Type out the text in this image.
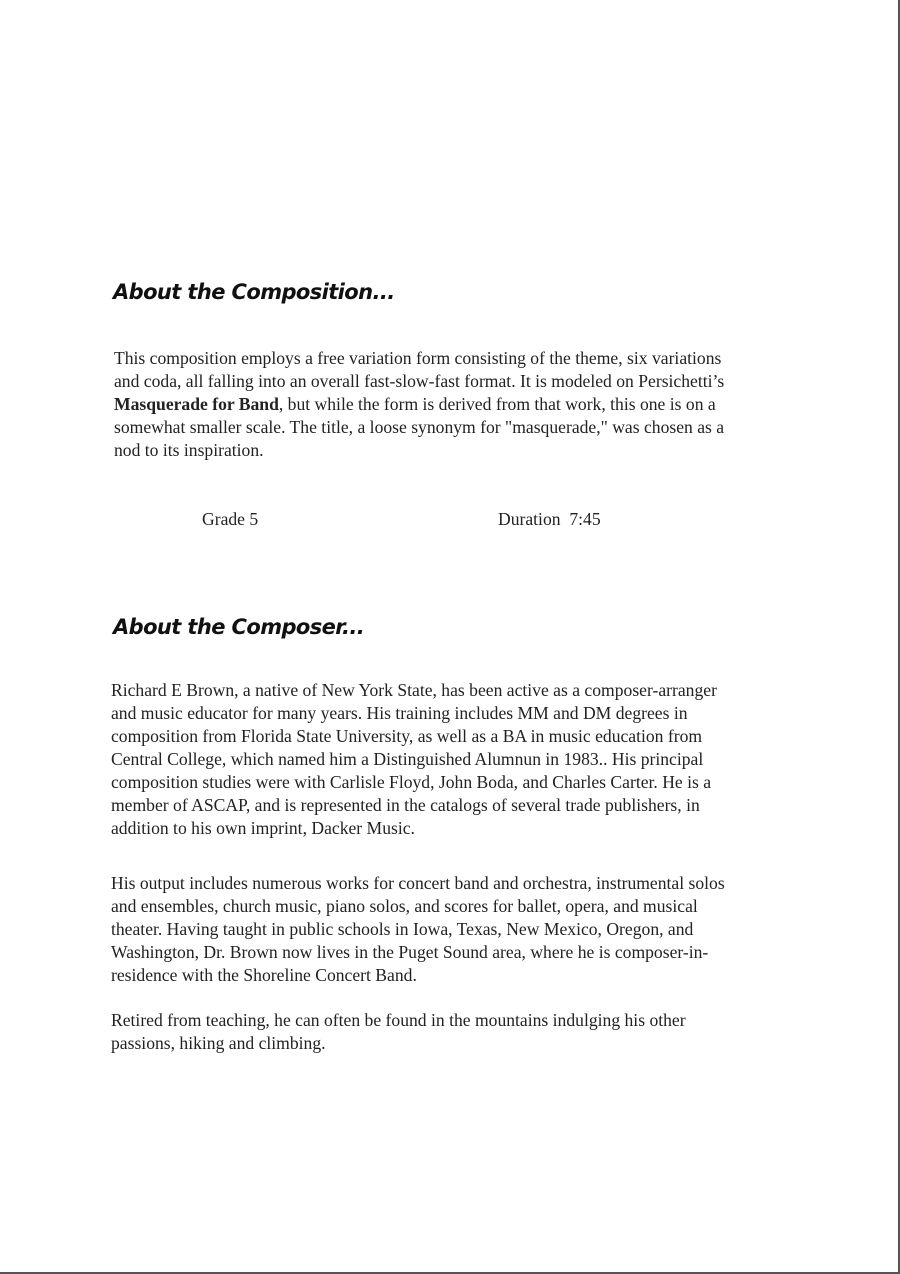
About the Composition...

This composition employs a free variation form consisting of the theme, six variations
and coda, all falling into an overall fast-slow-fast format. It is modeled on Persichetti’s
Masquerade for Band, but while the form is derived from that work, this one is on a
somewhat smaller scale. The title, a loose synonym for "masquerade," was chosen as a
nod to its inspiration.

Grade 5	Duration  7:45

About the Composer...

Richard E Brown, a native of New York State, has been active as a composer-arranger
and music educator for many years. His training includes MM and DM degrees in
composition from Florida State University, as well as a BA in music education from
Central College, which named him a Distinguished Alumnun in 1983.. His principal
composition studies were with Carlisle Floyd, John Boda, and Charles Carter. He is a
member of ASCAP, and is represented in the catalogs of several trade publishers, in
addition to his own imprint, Dacker Music.

His output includes numerous works for concert band and orchestra, instrumental solos
and ensembles, church music, piano solos, and scores for ballet, opera, and musical
theater. Having taught in public schools in Iowa, Texas, New Mexico, Oregon, and
Washington, Dr. Brown now lives in the Puget Sound area, where he is composer-in-
residence with the Shoreline Concert Band.

Retired from teaching, he can often be found in the mountains indulging his other
passions, hiking and climbing.
